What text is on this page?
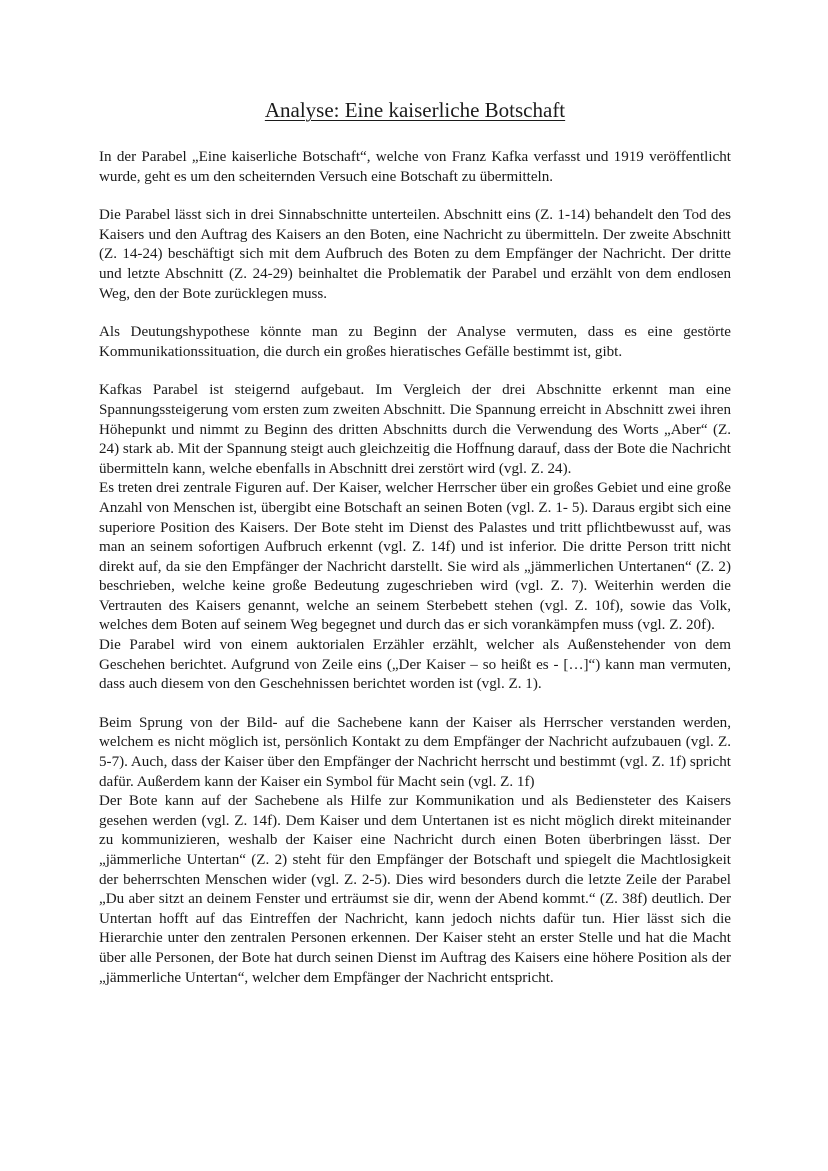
Analyse: Eine kaiserliche Botschaft

In der Parabel „Eine kaiserliche Botschaft“, welche von Franz Kafka verfasst und 1919 veröffentlicht wurde, geht es um den scheiternden Versuch eine Botschaft zu übermitteln.

Die Parabel lässt sich in drei Sinnabschnitte unterteilen. Abschnitt eins (Z. 1-14) behandelt den Tod des Kaisers und den Auftrag des Kaisers an den Boten, eine Nachricht zu übermitteln. Der zweite Abschnitt (Z. 14-24) beschäftigt sich mit dem Aufbruch des Boten zu dem Empfänger der Nachricht. Der dritte und letzte Abschnitt (Z. 24-29) beinhaltet die Problematik der Parabel und erzählt von dem endlosen Weg, den der Bote zurücklegen muss.

Als Deutungshypothese könnte man zu Beginn der Analyse vermuten, dass es eine gestörte Kommunikationssituation, die durch ein großes hieratisches Gefälle bestimmt ist, gibt.

Kafkas Parabel ist steigernd aufgebaut. Im Vergleich der drei Abschnitte erkennt man eine Spannungssteigerung vom ersten zum zweiten Abschnitt. Die Spannung erreicht in Abschnitt zwei ihren Höhepunkt und nimmt zu Beginn des dritten Abschnitts durch die Verwendung des Worts „Aber“ (Z. 24) stark ab. Mit der Spannung steigt auch gleichzeitig die Hoffnung darauf, dass der Bote die Nachricht übermitteln kann, welche ebenfalls in Abschnitt drei zerstört wird (vgl. Z. 24).

Es treten drei zentrale Figuren auf. Der Kaiser, welcher Herrscher über ein großes Gebiet und eine große Anzahl von Menschen ist, übergibt eine Botschaft an seinen Boten (vgl. Z. 1- 5). Daraus ergibt sich eine superiore Position des Kaisers. Der Bote steht im Dienst des Palastes und tritt pflichtbewusst auf, was man an seinem sofortigen Aufbruch erkennt (vgl. Z. 14f) und ist inferior. Die dritte Person tritt nicht direkt auf, da sie den Empfänger der Nachricht darstellt. Sie wird als „jämmerlichen Untertanen“ (Z. 2) beschrieben, welche keine große Bedeutung zugeschrieben wird (vgl. Z. 7). Weiterhin werden die Vertrauten des Kaisers genannt, welche an seinem Sterbebett stehen (vgl. Z. 10f), sowie das Volk, welches dem Boten auf seinem Weg begegnet und durch das er sich vorankämpfen muss (vgl. Z. 20f).

Die Parabel wird von einem auktorialen Erzähler erzählt, welcher als Außenstehender von dem Geschehen berichtet. Aufgrund von Zeile eins („Der Kaiser – so heißt es - […]“) kann man vermuten, dass auch diesem von den Geschehnissen berichtet worden ist (vgl. Z. 1).

Beim Sprung von der Bild- auf die Sachebene kann der Kaiser als Herrscher verstanden werden, welchem es nicht möglich ist, persönlich Kontakt zu dem Empfänger der Nachricht aufzubauen (vgl. Z. 5-7). Auch, dass der Kaiser über den Empfänger der Nachricht herrscht und bestimmt (vgl. Z. 1f) spricht dafür. Außerdem kann der Kaiser ein Symbol für Macht sein (vgl. Z. 1f)

Der Bote kann auf der Sachebene als Hilfe zur Kommunikation und als Bediensteter des Kaisers gesehen werden (vgl. Z. 14f). Dem Kaiser und dem Untertanen ist es nicht möglich direkt miteinander zu kommunizieren, weshalb der Kaiser eine Nachricht durch einen Boten überbringen lässt. Der „jämmerliche Untertan“ (Z. 2) steht für den Empfänger der Botschaft und spiegelt die Machtlosigkeit der beherrschten Menschen wider (vgl. Z. 2-5). Dies wird besonders durch die letzte Zeile der Parabel „Du aber sitzt an deinem Fenster und erträumst sie dir, wenn der Abend kommt.“ (Z. 38f) deutlich. Der Untertan hofft auf das Eintreffen der Nachricht, kann jedoch nichts dafür tun. Hier lässt sich die Hierarchie unter den zentralen Personen erkennen. Der Kaiser steht an erster Stelle und hat die Macht über alle Personen, der Bote hat durch seinen Dienst im Auftrag des Kaisers eine höhere Position als der „jämmerliche Untertan“, welcher dem Empfänger der Nachricht entspricht.
